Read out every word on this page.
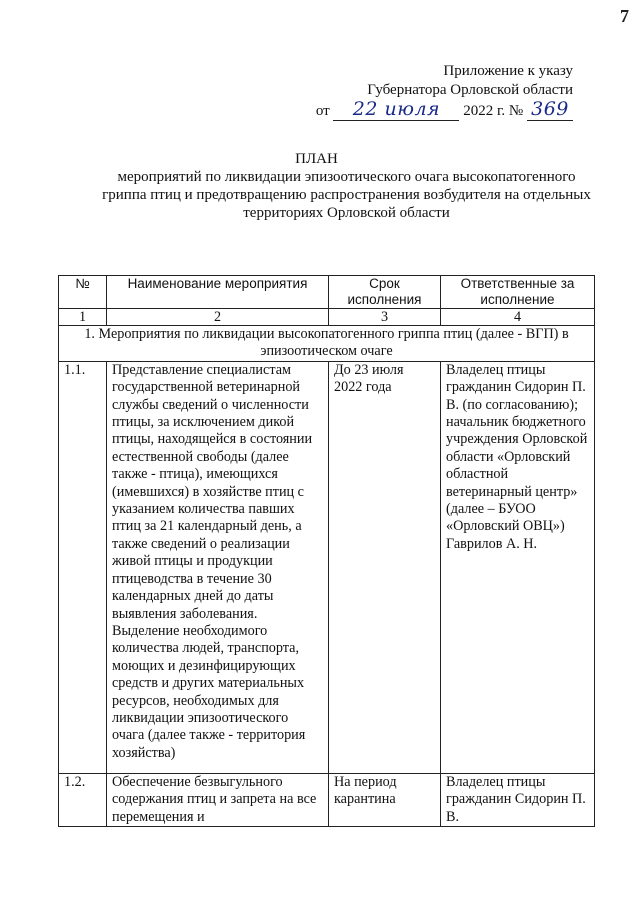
7
Приложение к указу
Губернатора Орловской области
от 22 июля 2022 г. № 369
ПЛАН
мероприятий по ликвидации эпизоотического очага высокопатогенного гриппа птиц и предотвращению распространения возбудителя на отдельных территориях Орловской области
№	Наименование мероприятия	Срок исполнения	Ответственные за исполнение
1	2	3	4
1. Мероприятия по ликвидации высокопатогенного гриппа птиц (далее - ВГП) в эпизоотическом очаге			
1.1.	Представление специалистам государственной ветеринарной службы сведений о численности птицы, за исключением дикой птицы, находящейся в состоянии естественной свободы (далее также - птица), имеющихся (имевшихся) в хозяйстве птиц с указанием количества павших птиц за 21 календарный день, а также сведений о реализации живой птицы и продукции птицеводства в течение 30 календарных дней до даты выявления заболевания. Выделение необходимого количества людей, транспорта, моющих и дезинфицирующих средств и других материальных ресурсов, необходимых для ликвидации эпизоотического очага (далее также - территория хозяйства)	До 23 июля 2022 года	Владелец птицы гражданин Сидорин П. В. (по согласованию); начальник бюджетного учреждения Орловской области «Орловский областной ветеринарный центр» (далее – БУОО «Орловский ОВЦ») Гаврилов А. Н.
1.2.	Обеспечение безвыгульного содержания птиц и запрета на все перемещения и	На период карантина	Владелец птицы гражданин Сидорин П. В.
